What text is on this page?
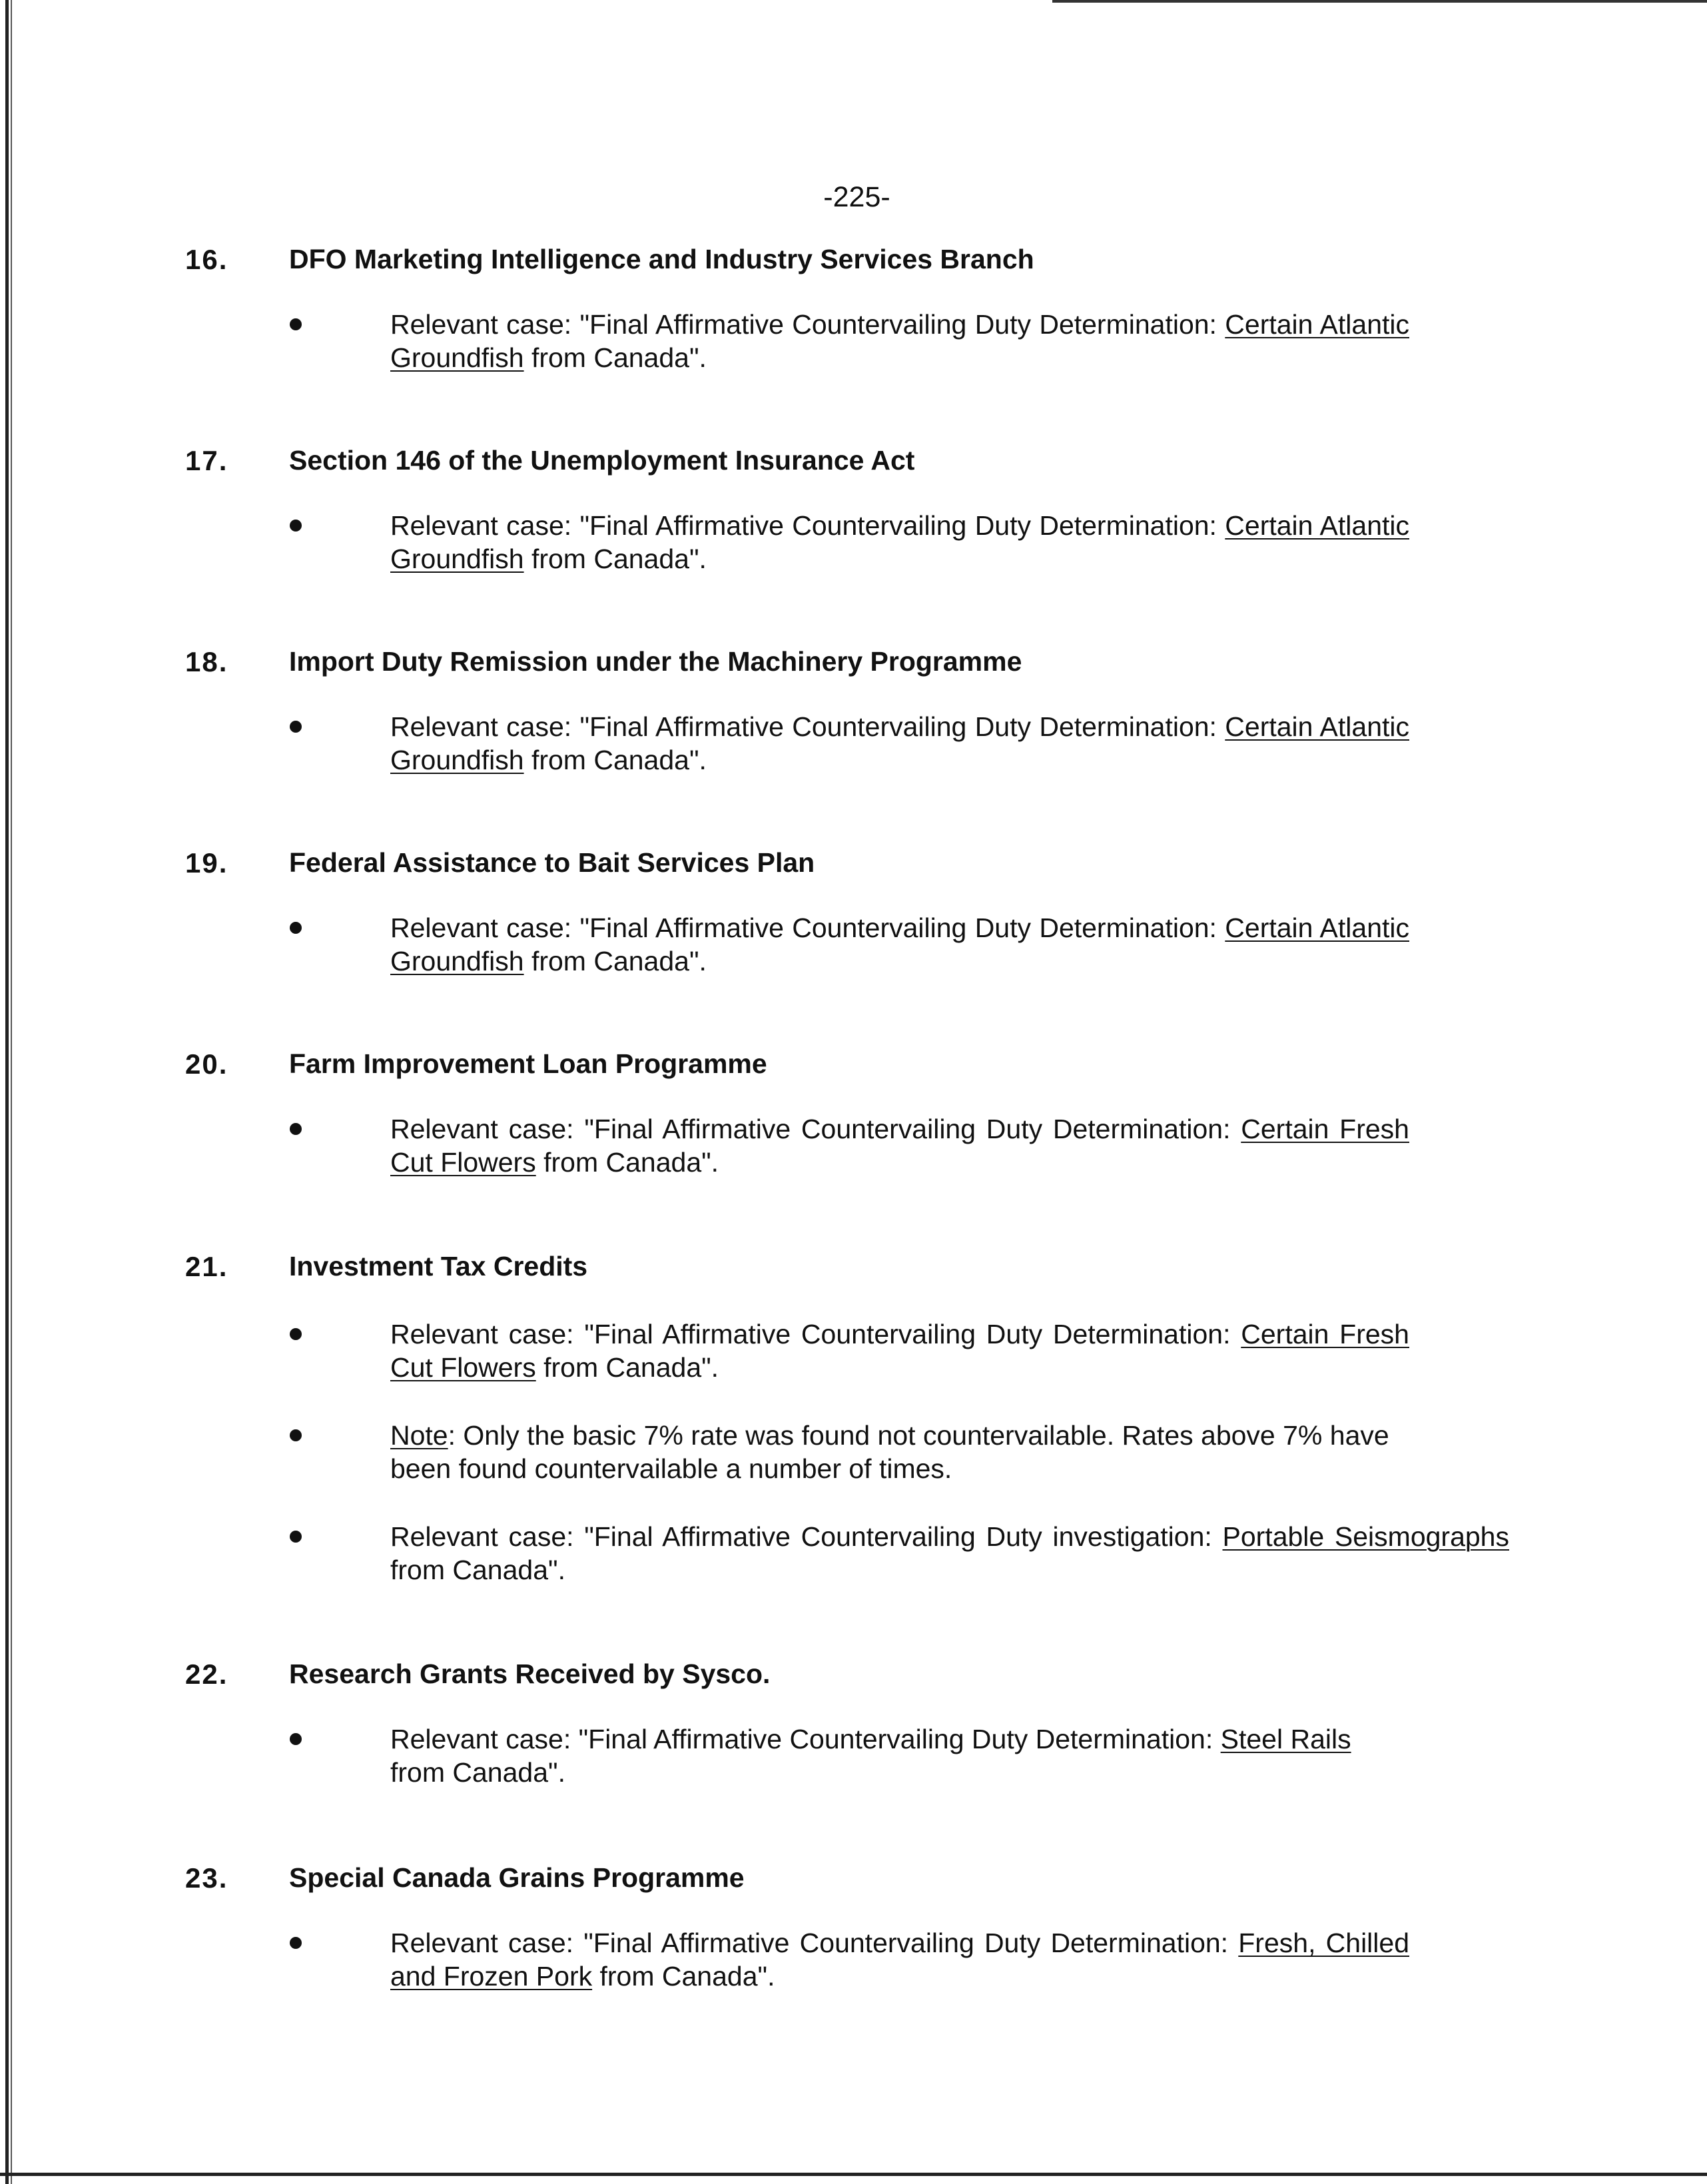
-225-
16. DFO Marketing Intelligence and Industry Services Branch
Relevant case: "Final Affirmative Countervailing Duty Determination: Certain Atlantic Groundfish from Canada".
17. Section 146 of the Unemployment Insurance Act
Relevant case: "Final Affirmative Countervailing Duty Determination: Certain Atlantic Groundfish from Canada".
18. Import Duty Remission under the Machinery Programme
Relevant case: "Final Affirmative Countervailing Duty Determination: Certain Atlantic Groundfish from Canada".
19. Federal Assistance to Bait Services Plan
Relevant case: "Final Affirmative Countervailing Duty Determination: Certain Atlantic Groundfish from Canada".
20. Farm Improvement Loan Programme
Relevant case: "Final Affirmative Countervailing Duty Determination: Certain Fresh Cut Flowers from Canada".
21. Investment Tax Credits
Relevant case: "Final Affirmative Countervailing Duty Determination: Certain Fresh Cut Flowers from Canada".
Note: Only the basic 7% rate was found not countervailable. Rates above 7% have been found countervailable a number of times.
Relevant case: "Final Affirmative Countervailing Duty investigation: Portable Seismographs from Canada".
22. Research Grants Received by Sysco.
Relevant case: "Final Affirmative Countervailing Duty Determination: Steel Rails from Canada".
23. Special Canada Grains Programme
Relevant case: "Final Affirmative Countervailing Duty Determination: Fresh, Chilled and Frozen Pork from Canada".
